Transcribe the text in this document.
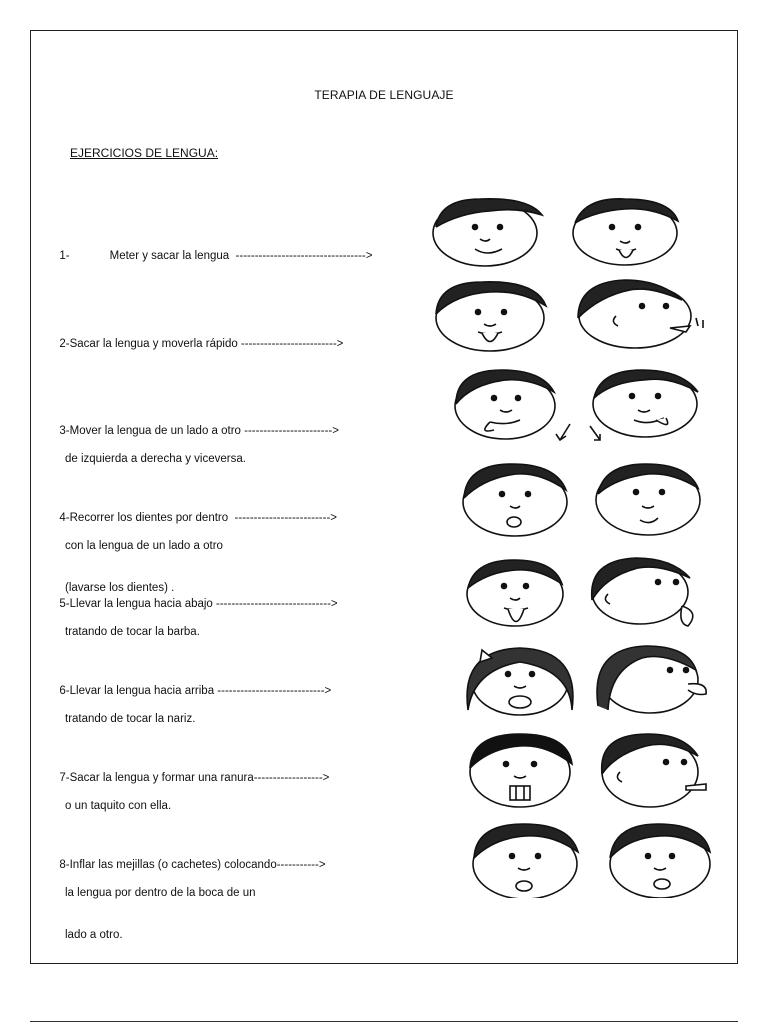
TERAPIA DE LENGUAJE
EJERCICIOS DE LENGUA:

1-	Meter y sacar la lengua  ---------------------------------->

2-Sacar la lengua y moverla rápido ------------------------->

3-Mover la lengua de un lado a otro ----------------------->

de izquierda a derecha y viceversa.

4-Recorrer los dientes por dentro  ------------------------->

con la lengua de un lado a otro

(lavarse los dientes) .

5-Llevar la lengua hacia abajo ------------------------------>

tratando de tocar la barba.

6-Llevar la lengua hacia arriba ---------------------------->

tratando de tocar la nariz.

7-Sacar la lengua y formar una ranura------------------>

o un taquito con ella.

8-Inflar las mejillas (o cachetes) colocando----------->

la lengua por dentro de la boca de un

lado a otro.
